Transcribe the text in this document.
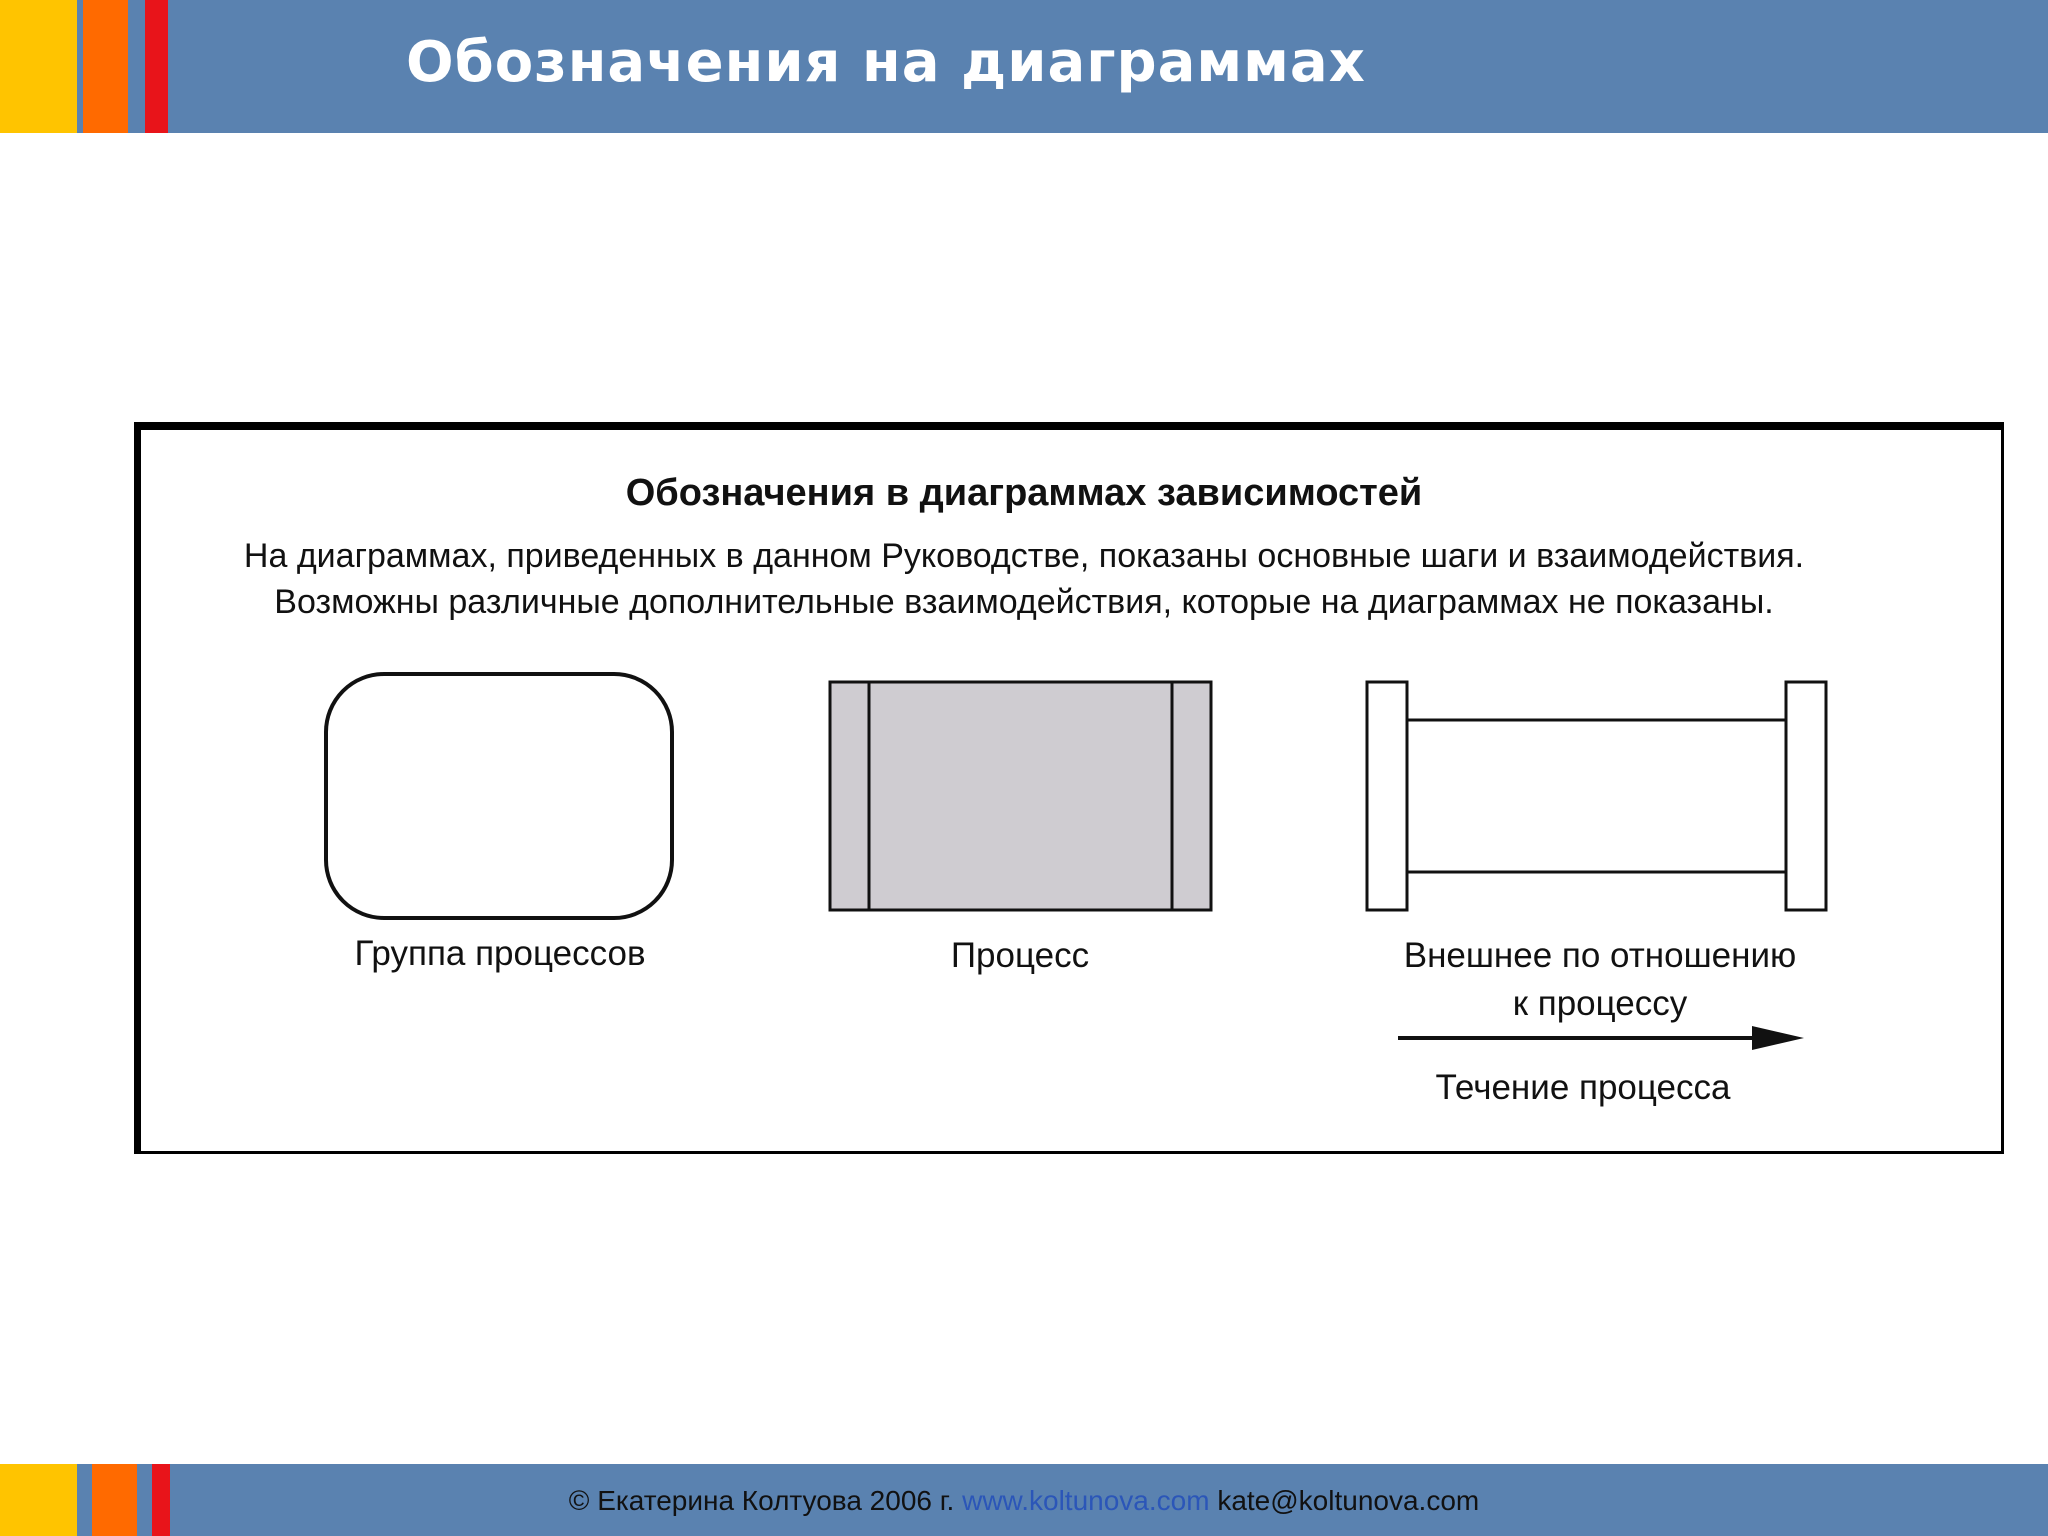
Обозначения на диаграммах
Обозначения в диаграммах зависимостей
На диаграммах, приведенных в данном Руководстве, показаны основные шаги и взаимодействия.
Возможны различные дополнительные взаимодействия, которые на диаграммах не показаны.
Группа процессов	Процесс	Внешнее по отношению
к процессу
Течение процесса
© Екатерина Колтуова 2006 г. www.koltunova.com kate@koltunova.com
